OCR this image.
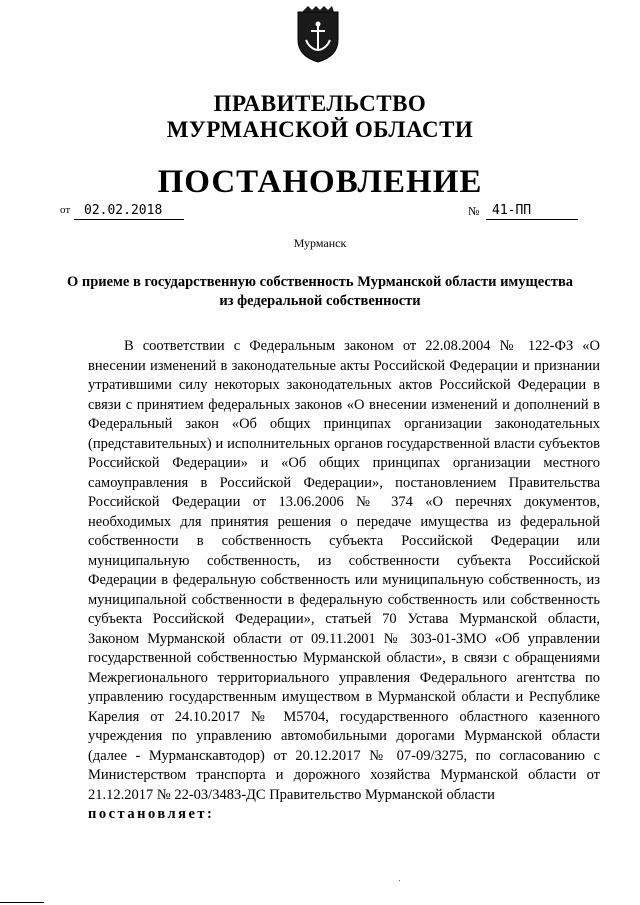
ПРАВИТЕЛЬСТВО
МУРМАНСКОЙ ОБЛАСТИ
ПОСТАНОВЛЕНИЕ
от 02.02.2018	№ 41-ПП
Мурманск
О приеме в государственную собственность Мурманской области имущества из федеральной собственности

В соответствии с Федеральным законом от 22.08.2004 № 122-ФЗ «О внесении изменений в законодательные акты Российской Федерации и признании утратившими силу некоторых законодательных актов Российской Федерации в связи с принятием федеральных законов «О внесении изменений и дополнений в Федеральный закон «Об общих принципах организации законодательных (представительных) и исполнительных органов государственной власти субъектов Российской Федерации» и «Об общих принципах организации местного самоуправления в Российской Федерации», постановлением Правительства Российской Федерации от 13.06.2006 № 374 «О перечнях документов, необходимых для принятия решения о передаче имущества из федеральной собственности в собственность субъекта Российской Федерации или муниципальную собственность, из собственности субъекта Российской Федерации в федеральную собственность или муниципальную собственность, из муниципальной собственности в федеральную собственность или собственность субъекта Российской Федерации», статьей 70 Устава Мурманской области, Законом Мурманской области от 09.11.2001 № 303-01-ЗМО «Об управлении государственной собственностью Мурманской области», в связи с обращениями Межрегионального территориального управления Федерального агентства по управлению государственным имуществом в Мурманской области и Республике Карелия от 24.10.2017 № М5704, государственного областного казенного учреждения по управлению автомобильными дорогами Мурманской области (далее - Мурманскавтодор) от 20.12.2017 № 07-09/3275, по согласованию с Министерством транспорта и дорожного хозяйства Мурманской области от 21.12.2017 № 22-03/3483-ДС Правительство Мурманской области
постановляет:

·
